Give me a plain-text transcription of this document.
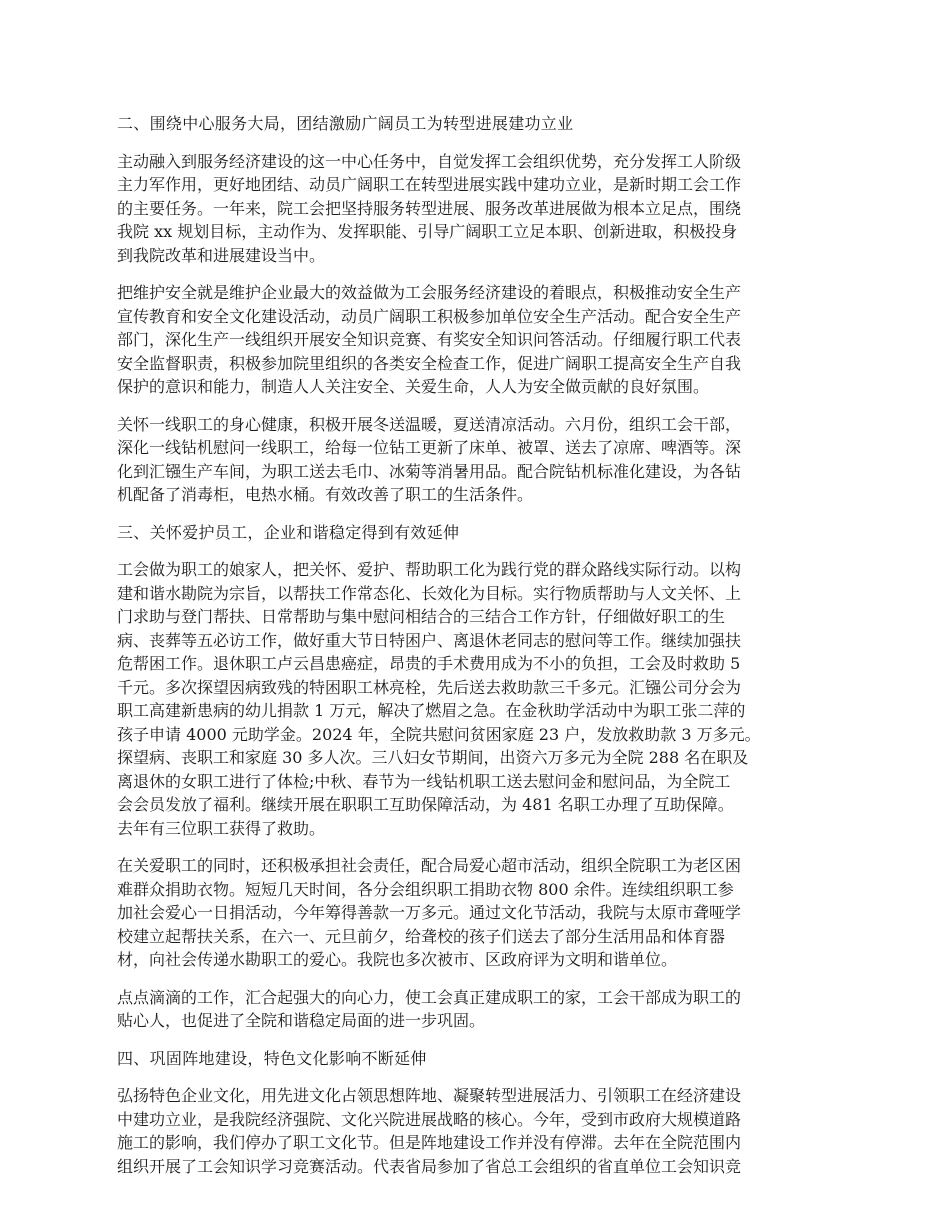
二、围绕中心服务大局，团结激励广阔员工为转型进展建功立业
主动融入到服务经济建设的这一中心任务中，自觉发挥工会组织优势，充分发挥工人阶级
主力军作用，更好地团结、动员广阔职工在转型进展实践中建功立业，是新时期工会工作
的主要任务。一年来，院工会把坚持服务转型进展、服务改革进展做为根本立足点，围绕
我院 xx 规划目标，主动作为、发挥职能、引导广阔职工立足本职、创新进取，积极投身
到我院改革和进展建设当中。
把维护安全就是维护企业最大的效益做为工会服务经济建设的着眼点，积极推动安全生产
宣传教育和安全文化建设活动，动员广阔职工积极参加单位安全生产活动。配合安全生产
部门，深化生产一线组织开展安全知识竞赛、有奖安全知识问答活动。仔细履行职工代表
安全监督职责，积极参加院里组织的各类安全检查工作，促进广阔职工提高安全生产自我
保护的意识和能力，制造人人关注安全、关爱生命，人人为安全做贡献的良好氛围。
关怀一线职工的身心健康，积极开展冬送温暖，夏送清凉活动。六月份，组织工会干部，
深化一线钻机慰问一线职工，给每一位钻工更新了床单、被罩、送去了凉席、啤酒等。深
化到汇镪生产车间，为职工送去毛巾、冰菊等消暑用品。配合院钻机标准化建设，为各钻
机配备了消毒柜，电热水桶。有效改善了职工的生活条件。
三、关怀爱护员工，企业和谐稳定得到有效延伸
工会做为职工的娘家人，把关怀、爱护、帮助职工化为践行党的群众路线实际行动。以构
建和谐水勘院为宗旨，以帮扶工作常态化、长效化为目标。实行物质帮助与人文关怀、上
门求助与登门帮扶、日常帮助与集中慰问相结合的三结合工作方针，仔细做好职工的生
病、丧葬等五必访工作，做好重大节日特困户、离退休老同志的慰问等工作。继续加强扶
危帮困工作。退休职工卢云昌患癌症，昂贵的手术费用成为不小的负担，工会及时救助 5
千元。多次探望因病致残的特困职工林亮栓，先后送去救助款三千多元。汇镪公司分会为
职工高建新患病的幼儿捐款 1 万元，解决了燃眉之急。在金秋助学活动中为职工张二萍的
孩子申请 4000 元助学金。2024 年，全院共慰问贫困家庭 23 户，发放救助款 3 万多元。
探望病、丧职工和家庭 30 多人次。三八妇女节期间，出资六万多元为全院 288 名在职及
离退休的女职工进行了体检;中秋、春节为一线钻机职工送去慰问金和慰问品，为全院工
会会员发放了福利。继续开展在职职工互助保障活动，为 481 名职工办理了互助保障。
去年有三位职工获得了救助。
在关爱职工的同时，还积极承担社会责任，配合局爱心超市活动，组织全院职工为老区困
难群众捐助衣物。短短几天时间，各分会组织职工捐助衣物 800 余件。连续组织职工参
加社会爱心一日捐活动，今年筹得善款一万多元。通过文化节活动，我院与太原市聋哑学
校建立起帮扶关系，在六一、元旦前夕，给聋校的孩子们送去了部分生活用品和体育器
材，向社会传递水勘职工的爱心。我院也多次被市、区政府评为文明和谐单位。
点点滴滴的工作，汇合起强大的向心力，使工会真正建成职工的家，工会干部成为职工的
贴心人，也促进了全院和谐稳定局面的进一步巩固。
四、巩固阵地建设，特色文化影响不断延伸
弘扬特色企业文化，用先进文化占领思想阵地、凝聚转型进展活力、引领职工在经济建设
中建功立业，是我院经济强院、文化兴院进展战略的核心。今年，受到市政府大规模道路
施工的影响，我们停办了职工文化节。但是阵地建设工作并没有停滞。去年在全院范围内
组织开展了工会知识学习竞赛活动。代表省局参加了省总工会组织的省直单位工会知识竞
